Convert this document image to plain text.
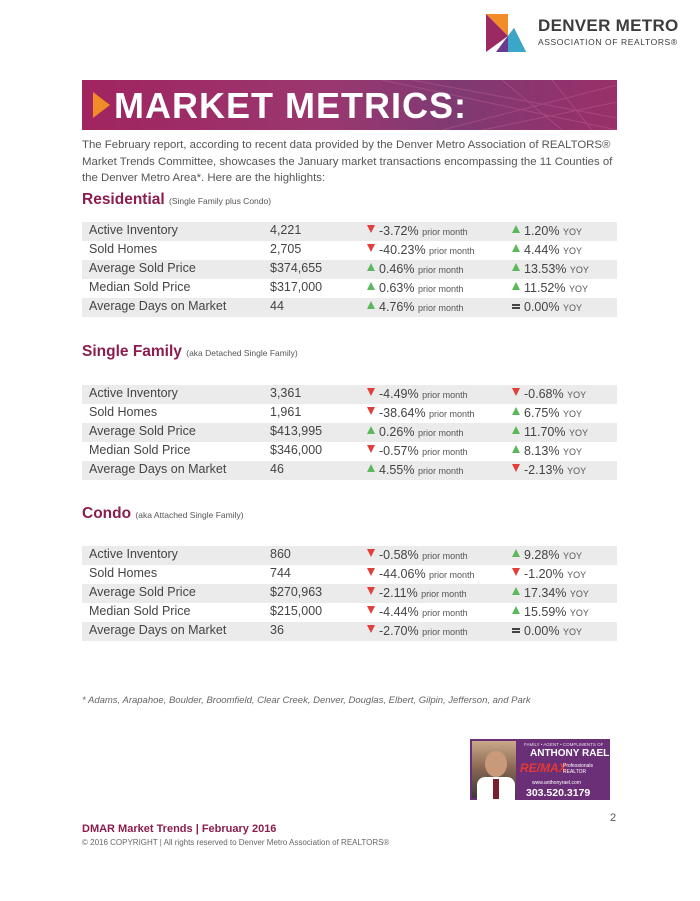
DENVER METRO
ASSOCIATION OF REALTORS®
MARKET METRICS:
The February report, according to recent data provided by the Denver Metro Association of REALTORS® Market Trends Committee, showcases the January market transactions encompassing the 11 Counties of the Denver Metro Area*. Here are the highlights:
Residential (Single Family plus Condo)
Active Inventory	4,221	-3.72% prior month	1.20% YOY
Sold Homes	2,705	-40.23% prior month	4.44% YOY
Average Sold Price	$374,655	0.46% prior month	13.53% YOY
Median Sold Price	$317,000	0.63% prior month	11.52% YOY
Average Days on Market	44	4.76% prior month	0.00% YOY
Single Family (aka Detached Single Family)
Active Inventory	3,361	-4.49% prior month	-0.68% YOY
Sold Homes	1,961	-38.64% prior month	6.75% YOY
Average Sold Price	$413,995	0.26% prior month	11.70% YOY
Median Sold Price	$346,000	-0.57% prior month	8.13% YOY
Average Days on Market	46	4.55% prior month	-2.13% YOY
Condo (aka Attached Single Family)
Active Inventory	860	-0.58% prior month	9.28% YOY
Sold Homes	744	-44.06% prior month	-1.20% YOY
Average Sold Price	$270,963	-2.11% prior month	17.34% YOY
Median Sold Price	$215,000	-4.44% prior month	15.59% YOY
Average Days on Market	36	-2.70% prior month	0.00% YOY
* Adams, Arapahoe, Boulder, Broomfield, Clear Creek, Denver, Douglas, Elbert, Gilpin, Jefferson, and Park
FAMILY • AGENT • COMPLIMENTS OF
ANTHONY RAEL
RE/MAX
Professionals REALTOR
www.anthonyrael.com
303.520.3179
2
DMAR Market Trends | February 2016
© 2016 COPYRIGHT | All rights reserved to Denver Metro Association of REALTORS®
